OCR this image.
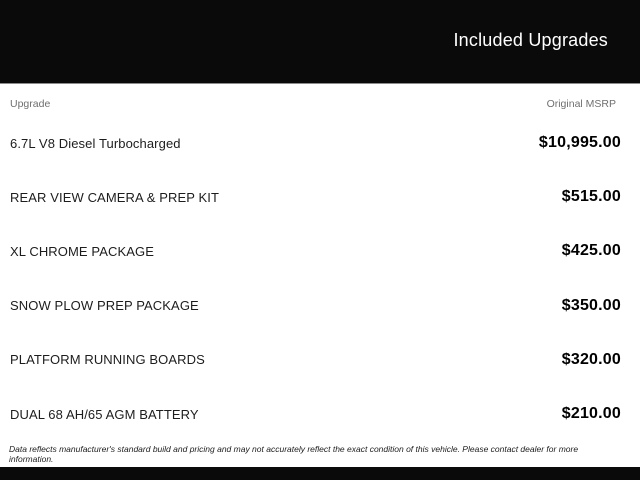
Included Upgrades
Upgrade	Original MSRP
6.7L V8 Diesel Turbocharged	$10,995.00
REAR VIEW CAMERA & PREP KIT	$515.00
XL CHROME PACKAGE	$425.00
SNOW PLOW PREP PACKAGE	$350.00
PLATFORM RUNNING BOARDS	$320.00
DUAL 68 AH/65 AGM BATTERY	$210.00
Data reflects manufacturer's standard build and pricing and may not accurately reflect the exact condition of this vehicle. Please contact dealer for more information.
